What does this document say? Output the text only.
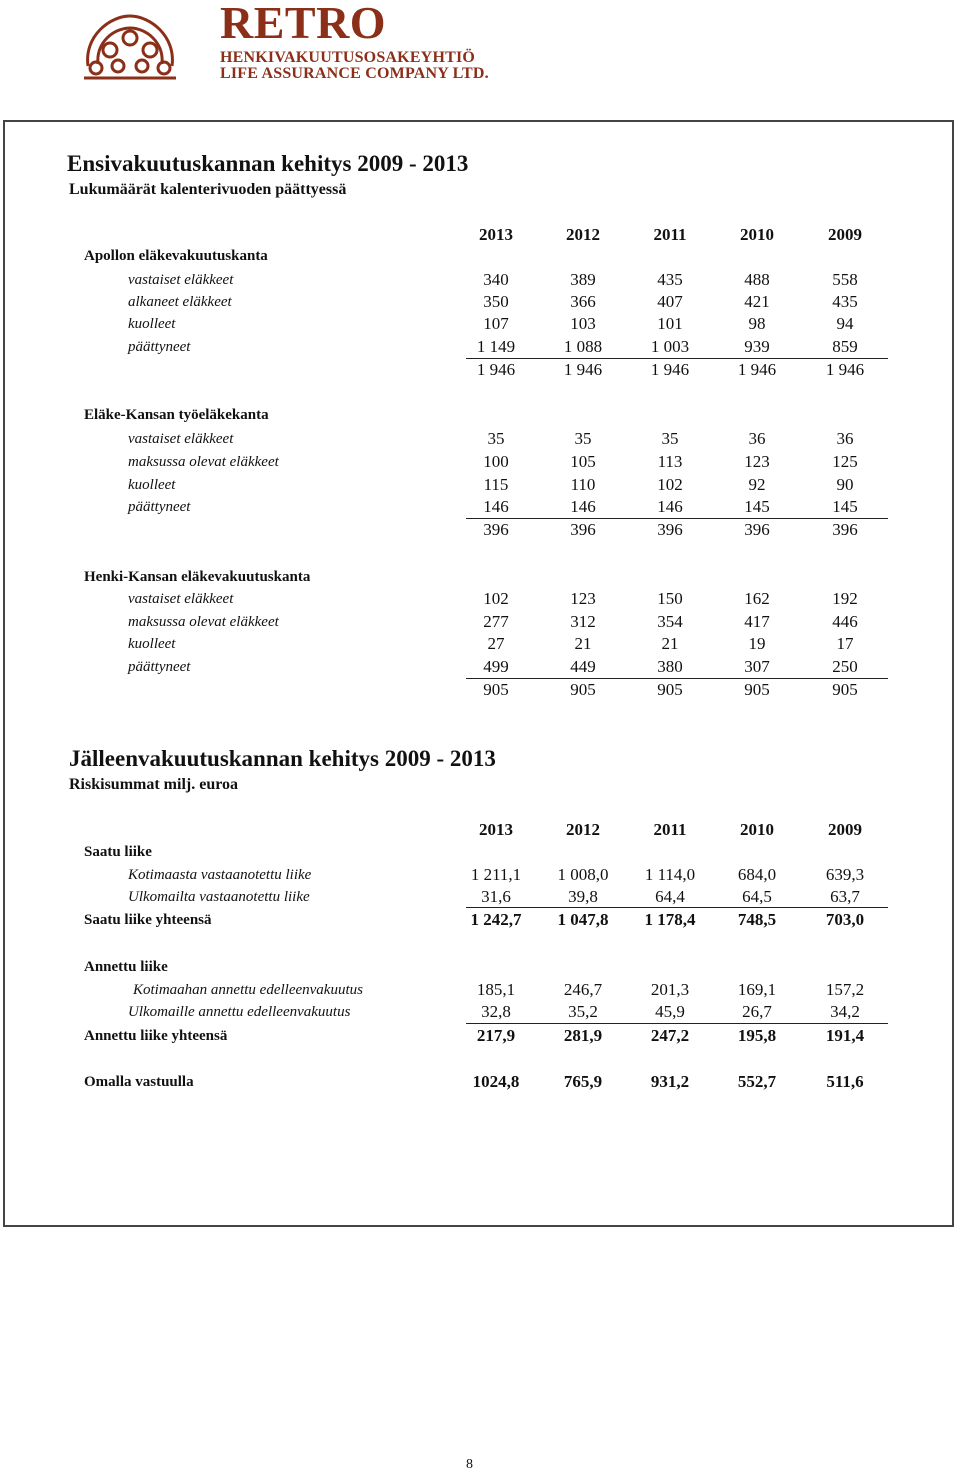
RETRO
HENKIVAKUUTUSOSAKEYHTIÖ
LIFE ASSURANCE COMPANY LTD.
Ensivakuutuskannan kehitys 2009 - 2013
Lukumäärät kalenterivuoden päättyessä
2013	2012	2011	2010	2009
Apollon eläkevakuutuskanta
vastaiset eläkkeet	340	389	435	488	558
alkaneet eläkkeet	350	366	407	421	435
kuolleet	107	103	101	98	94
päättyneet	1 149	1 088	1 003	939	859
1 946	1 946	1 946	1 946	1 946
Eläke-Kansan työeläkekanta
vastaiset eläkkeet	35	35	35	36	36
maksussa olevat eläkkeet	100	105	113	123	125
kuolleet	115	110	102	92	90
päättyneet	146	146	146	145	145
396	396	396	396	396
Henki-Kansan eläkevakuutuskanta
vastaiset eläkkeet	102	123	150	162	192
maksussa olevat eläkkeet	277	312	354	417	446
kuolleet	27	21	21	19	17
päättyneet	499	449	380	307	250
905	905	905	905	905
Jälleenvakuutuskannan kehitys 2009 - 2013
Riskisummat milj. euroa
2013	2012	2011	2010	2009
Saatu liike
Kotimaasta vastaanotettu liike	1 211,1	1 008,0	1 114,0	684,0	639,3
Ulkomailta vastaanotettu liike	31,6	39,8	64,4	64,5	63,7
Saatu liike yhteensä	1 242,7	1 047,8	1 178,4	748,5	703,0
Annettu liike
Kotimaahan annettu edelleenvakuutus	185,1	246,7	201,3	169,1	157,2
Ulkomaille annettu edelleenvakuutus	32,8	35,2	45,9	26,7	34,2
Annettu liike yhteensä	217,9	281,9	247,2	195,8	191,4
Omalla vastuulla	1024,8	765,9	931,2	552,7	511,6
8
